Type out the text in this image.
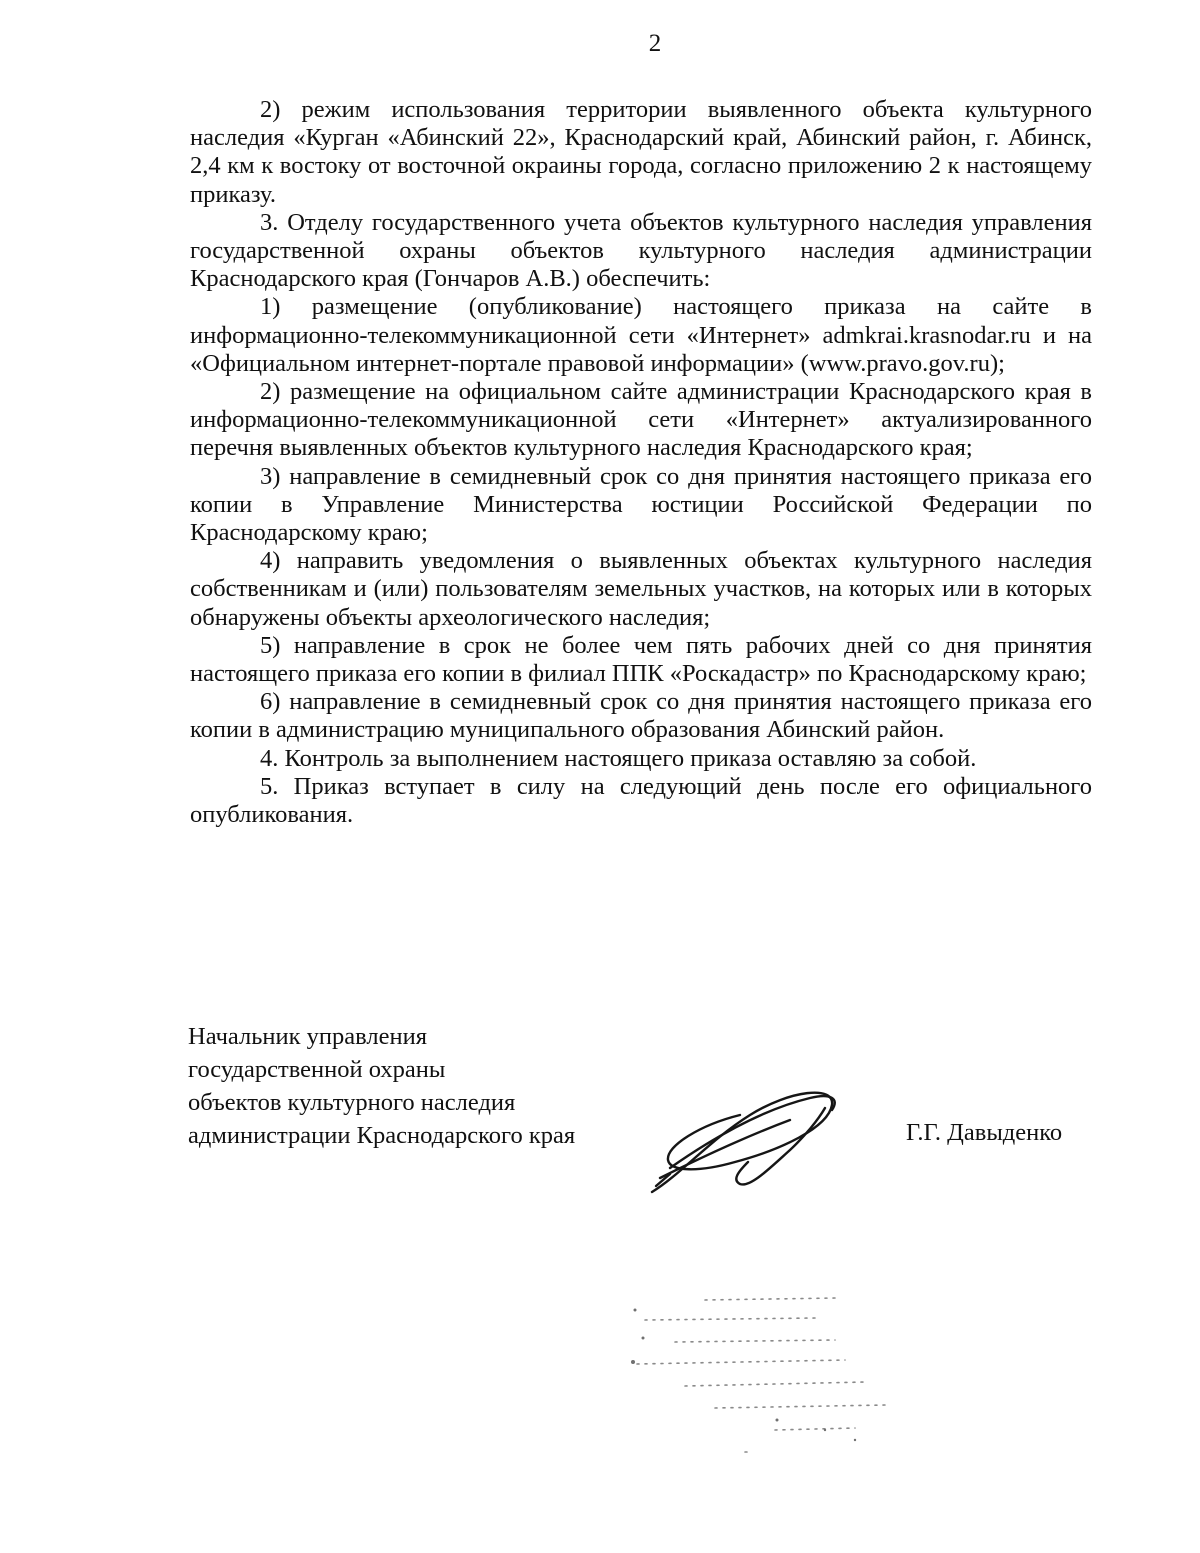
2

2) режим использования территории выявленного объекта культурного наследия «Курган «Абинский 22», Краснодарский край, Абинский район, г. Абинск, 2,4 км к востоку от восточной окраины города, согласно приложению 2 к настоящему приказу.

3. Отделу государственного учета объектов культурного наследия управления государственной охраны объектов культурного наследия администрации Краснодарского края (Гончаров А.В.) обеспечить:

1) размещение (опубликование) настоящего приказа на сайте в информационно-телекоммуникационной сети «Интернет» admkrai.krasnodar.ru и на «Официальном интернет-портале правовой информации» (www.pravo.gov.ru);

2) размещение на официальном сайте администрации Краснодарского края в информационно-телекоммуникационной сети «Интернет» актуализированного перечня выявленных объектов культурного наследия Краснодарского края;

3) направление в семидневный срок со дня принятия настоящего приказа его копии в Управление Министерства юстиции Российской Федерации по Краснодарскому краю;

4) направить уведомления о выявленных объектах культурного наследия собственникам и (или) пользователям земельных участков, на которых или в которых обнаружены объекты археологического наследия;

5) направление в срок не более чем пять рабочих дней со дня принятия настоящего приказа его копии в филиал ППК «Роскадастр» по Краснодарскому краю;

6) направление в семидневный срок со дня принятия настоящего приказа его копии в администрацию муниципального образования Абинский район.

4. Контроль за выполнением настоящего приказа оставляю за собой.

5. Приказ вступает в силу на следующий день после его официального опубликования.

Начальник управления
государственной охраны
объектов культурного наследия
администрации Краснодарского края	Г.Г. Давыденко
